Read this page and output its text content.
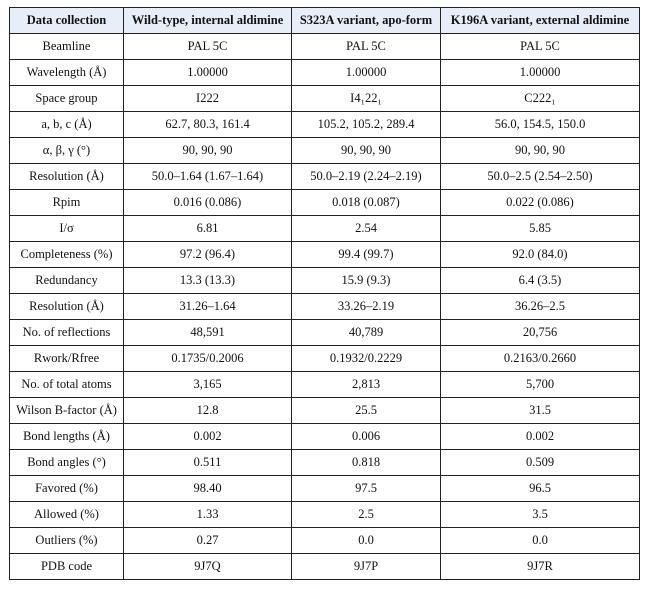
Data collection	Wild-type, internal aldimine	S323A variant, apo-form	K196A variant, external aldimine
Beamline	PAL 5C	PAL 5C	PAL 5C
Wavelength (Å)	1.00000	1.00000	1.00000
Space group	I222	I4₁22₁	C222₁
a, b, c (Å)	62.7, 80.3, 161.4	105.2, 105.2, 289.4	56.0, 154.5, 150.0
α, β, γ (°)	90, 90, 90	90, 90, 90	90, 90, 90
Resolution (Å)	50.0–1.64 (1.67–1.64)	50.0–2.19 (2.24–2.19)	50.0–2.5 (2.54–2.50)
Rpim	0.016 (0.086)	0.018 (0.087)	0.022 (0.086)
I/σ	6.81	2.54	5.85
Completeness (%)	97.2 (96.4)	99.4 (99.7)	92.0 (84.0)
Redundancy	13.3 (13.3)	15.9 (9.3)	6.4 (3.5)
Resolution (Å)	31.26–1.64	33.26–2.19	36.26–2.5
No. of reflections	48,591	40,789	20,756
Rwork/Rfree	0.1735/0.2006	0.1932/0.2229	0.2163/0.2660
No. of total atoms	3,165	2,813	5,700
Wilson B-factor (Å)	12.8	25.5	31.5
Bond lengths (Å)	0.002	0.006	0.002
Bond angles (°)	0.511	0.818	0.509
Favored (%)	98.40	97.5	96.5
Allowed (%)	1.33	2.5	3.5
Outliers (%)	0.27	0.0	0.0
PDB code	9J7Q	9J7P	9J7R
